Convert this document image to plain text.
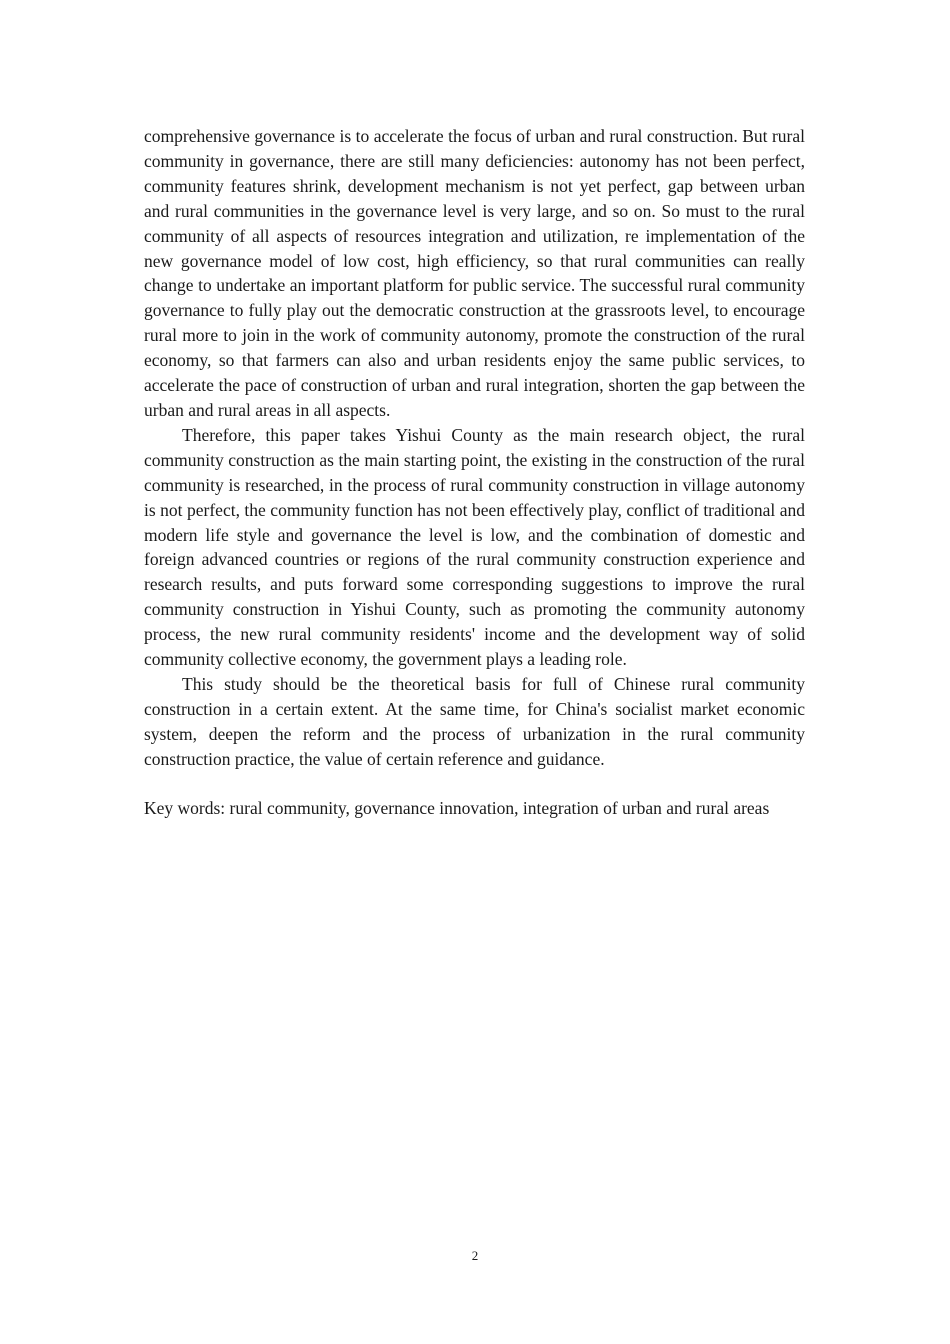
comprehensive governance is to accelerate the focus of urban and rural construction. But rural community in governance, there are still many deficiencies: autonomy has not been perfect, community features shrink, development mechanism is not yet perfect, gap between urban and rural communities in the governance level is very large, and so on. So must to the rural community of all aspects of resources integration and utilization, re implementation of the new governance model of low cost, high efficiency, so that rural communities can really change to undertake an important platform for public service. The successful rural community governance to fully play out the democratic construction at the grassroots level, to encourage rural more to join in the work of community autonomy, promote the construction of the rural economy, so that farmers can also and urban residents enjoy the same public services, to accelerate the pace of construction of urban and rural integration, shorten the gap between the urban and rural areas in all aspects.

Therefore, this paper takes Yishui County as the main research object, the rural community construction as the main starting point, the existing in the construction of the rural community is researched, in the process of rural community construction in village autonomy is not perfect, the community function has not been effectively play, conflict of traditional and modern life style and governance the level is low, and the combination of domestic and foreign advanced countries or regions of the rural community construction experience and research results, and puts forward some corresponding suggestions to improve the rural community construction in Yishui County, such as promoting the community autonomy process, the new rural community residents' income and the development way of solid community collective economy, the government plays a leading role.

This study should be the theoretical basis for full of Chinese rural community construction in a certain extent. At the same time, for China's socialist market economic system, deepen the reform and the process of urbanization in the rural community construction practice, the value of certain reference and guidance.

Key words: rural community, governance innovation, integration of urban and rural areas

2
